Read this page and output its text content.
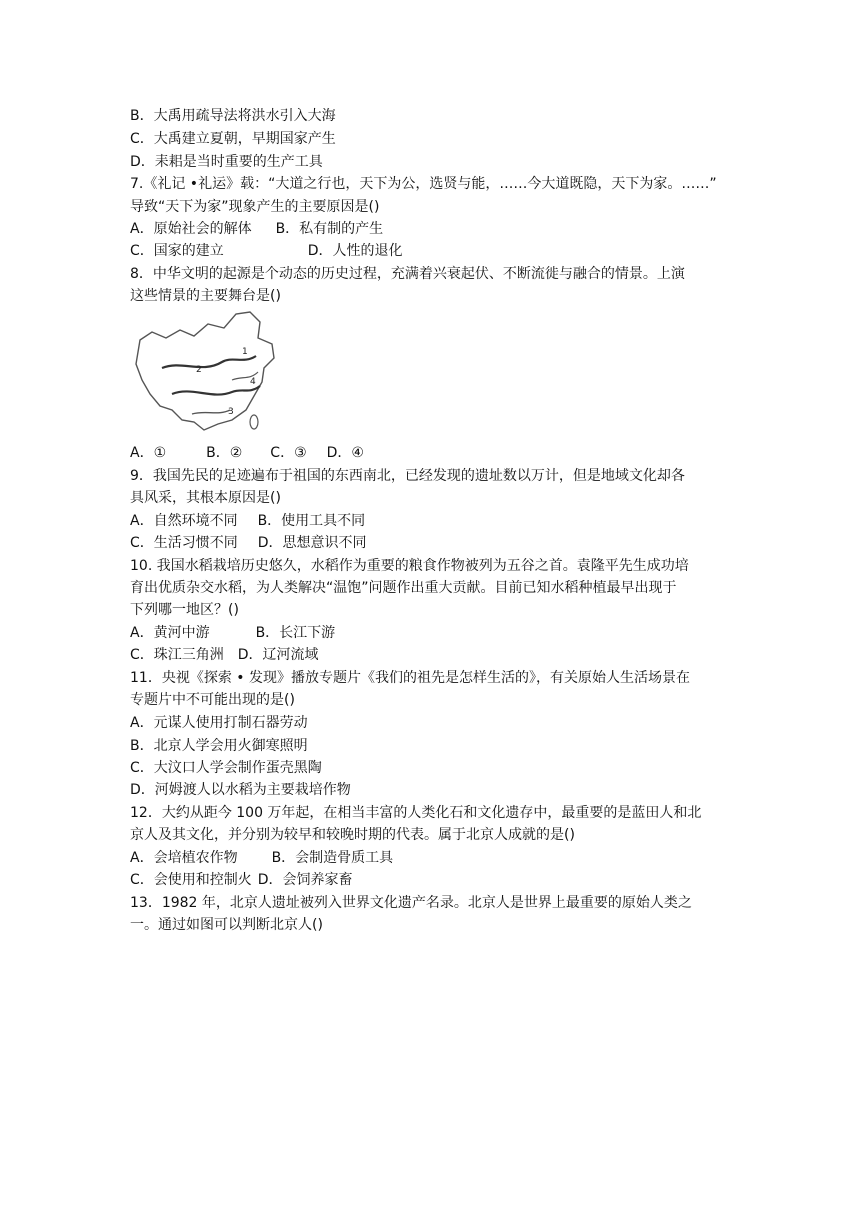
B．大禹用疏导法将洪水引入大海
C．大禹建立夏朝，早期国家产生
D．耒耜是当时重要的生产工具
7.《礼记 •礼运》载：“大道之行也，天下为公，选贤与能，……今大道既隐，天下为家。……”
导致“天下为家”现象产生的主要原因是()
A．原始社会的解体 B．私有制的产生
C．国家的建立	D．人性的退化
8．中华文明的起源是个动态的历史过程，充满着兴衰起伏、不断流徙与融合的情景。上演
这些情景的主要舞台是()
1
2
3
4
A．①	B．② C．③ D．④
9．我国先民的足迹遍布于祖国的东西南北，已经发现的遗址数以万计，但是地域文化却各
具风采，其根本原因是()
A．自然环境不同 B．使用工具不同
C．生活习惯不同 D．思想意识不同
10. 我国水稻栽培历史悠久，水稻作为重要的粮食作物被列为五谷之首。袁隆平先生成功培
育出优质杂交水稻，为人类解决“温饱”问题作出重大贡献。目前已知水稻种植最早出现于
下列哪一地区？()
A．黄河中游	B．长江下游
C．珠江三角洲 D．辽河流域
11．央视《探索 • 发现》播放专题片《我们的祖先是怎样生活的》，有关原始人生活场景在
专题片中不可能出现的是()
A．元谋人使用打制石器劳动
B．北京人学会用火御寒照明
C．大汶口人学会制作蛋壳黑陶
D．河姆渡人以水稻为主要栽培作物
12．大约从距今 100 万年起，在相当丰富的人类化石和文化遗存中，最重要的是蓝田人和北
京人及其文化，并分别为较早和较晚时期的代表。属于北京人成就的是()
A．会培植农作物 B．会制造骨质工具
C．会使用和控制火 D．会饲养家畜
13．1982 年，北京人遗址被列入世界文化遗产名录。北京人是世界上最重要的原始人类之
一。通过如图可以判断北京人()
